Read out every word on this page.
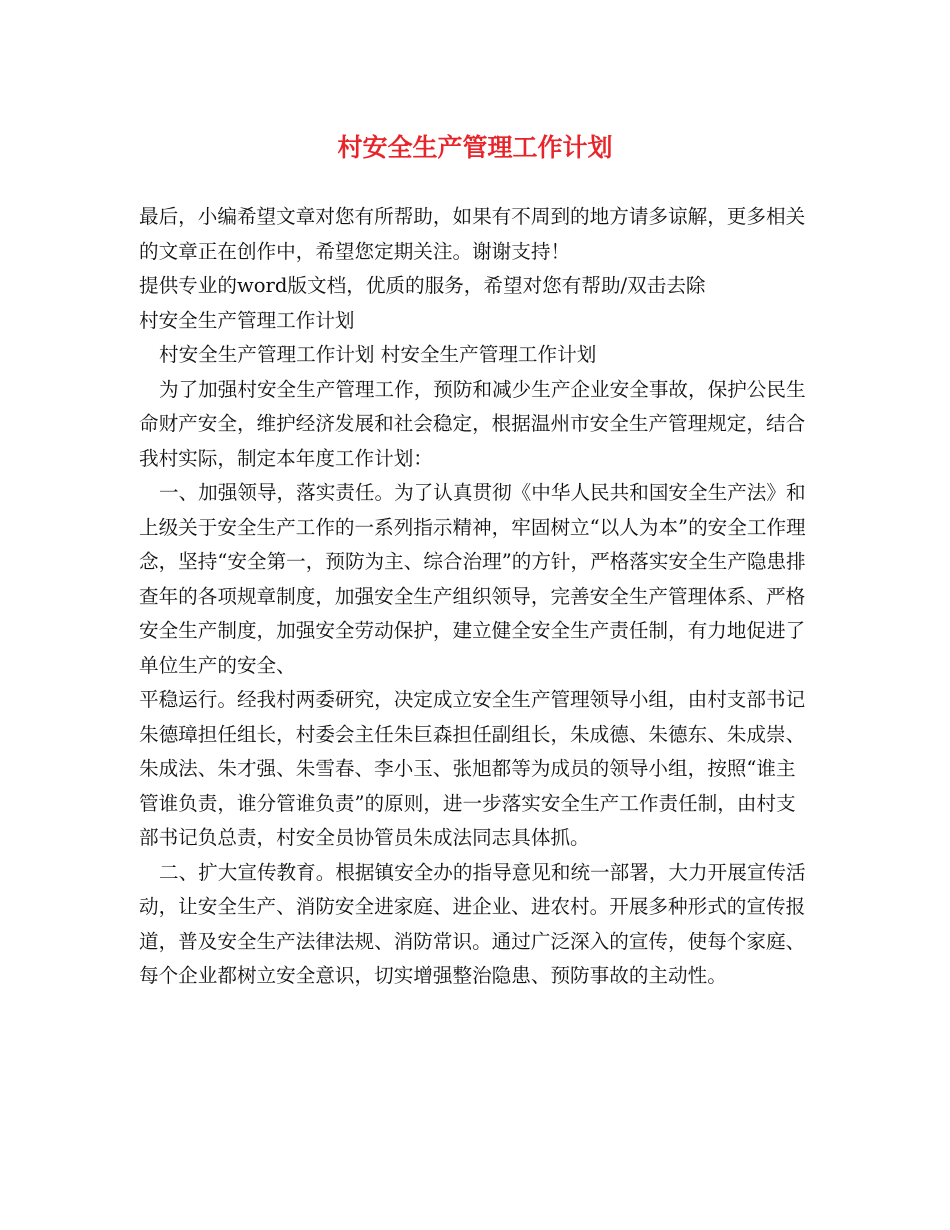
村安全生产管理工作计划

最后，小编希望文章对您有所帮助，如果有不周到的地方请多谅解，更多相关的文章正在创作中，希望您定期关注。谢谢支持！

提供专业的word版文档，优质的服务，希望对您有帮助/双击去除

村安全生产管理工作计划

村安全生产管理工作计划 村安全生产管理工作计划

为了加强村安全生产管理工作，预防和减少生产企业安全事故，保护公民生命财产安全，维护经济发展和社会稳定，根据温州市安全生产管理规定，结合我村实际，制定本年度工作计划：

一、加强领导，落实责任。为了认真贯彻《中华人民共和国安全生产法》和上级关于安全生产工作的一系列指示精神，牢固树立“以人为本”的安全工作理念，坚持“安全第一，预防为主、综合治理”的方针，严格落实安全生产隐患排查年的各项规章制度，加强安全生产组织领导，完善安全生产管理体系、严格安全生产制度，加强安全劳动保护，建立健全安全生产责任制，有力地促进了单位生产的安全、

平稳运行。经我村两委研究，决定成立安全生产管理领导小组，由村支部书记朱德璋担任组长，村委会主任朱巨森担任副组长，朱成德、朱德东、朱成崇、朱成法、朱才强、朱雪春、李小玉、张旭都等为成员的领导小组，按照“谁主管谁负责，谁分管谁负责”的原则，进一步落实安全生产工作责任制，由村支部书记负总责，村安全员协管员朱成法同志具体抓。

二、扩大宣传教育。根据镇安全办的指导意见和统一部署，大力开展宣传活动，让安全生产、消防安全进家庭、进企业、进农村。开展多种形式的宣传报道，普及安全生产法律法规、消防常识。通过广泛深入的宣传，使每个家庭、每个企业都树立安全意识，切实增强整治隐患、预防事故的主动性。
